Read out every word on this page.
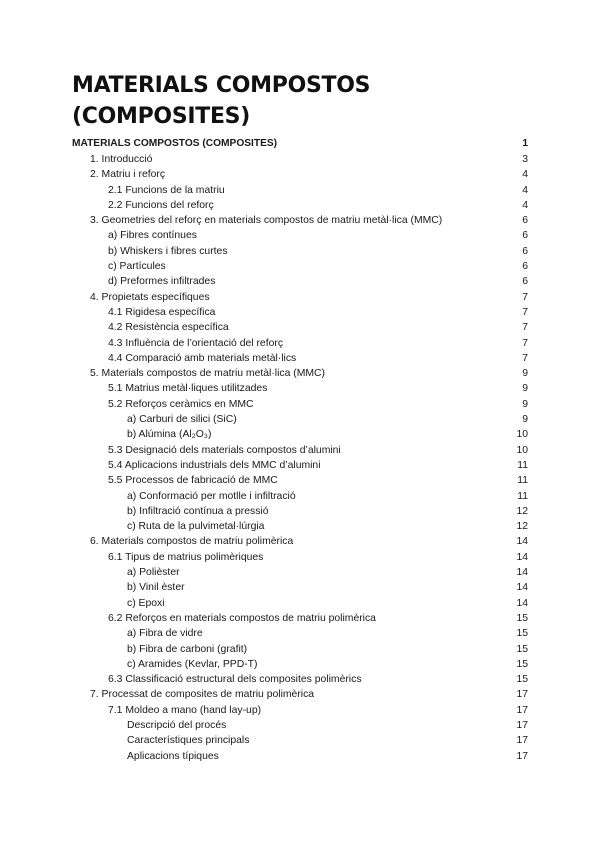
MATERIALS COMPOSTOS
(COMPOSITES)
MATERIALS COMPOSTOS (COMPOSITES)	1
1. Introducció	3
2. Matriu i reforç	4
2.1 Funcions de la matriu	4
2.2 Funcions del reforç	4
3. Geometries del reforç en materials compostos de matriu metàl·lica (MMC)	6
a) Fibres contínues	6
b) Whiskers i fibres curtes	6
c) Partícules	6
d) Preformes infiltrades	6
4. Propietats específiques	7
4.1 Rigidesa específica	7
4.2 Resistència específica	7
4.3 Influència de l’orientació del reforç	7
4.4 Comparació amb materials metàl·lics	7
5. Materials compostos de matriu metàl·lica (MMC)	9
5.1 Matrius metàl·liques utilitzades	9
5.2 Reforços ceràmics en MMC	9
a) Carburi de silici (SiC)	9
b) Alúmina (Al₂O₃)	10
5.3 Designació dels materials compostos d’alumini	10
5.4 Aplicacions industrials dels MMC d’alumini	11
5.5 Processos de fabricació de MMC	11
a) Conformació per motlle i infiltració	11
b) Infiltració contínua a pressió	12
c) Ruta de la pulvimetal·lúrgia	12
6. Materials compostos de matriu polimèrica	14
6.1 Tipus de matrius polimèriques	14
a) Polièster	14
b) Vinil èster	14
c) Epoxi	14
6.2 Reforços en materials compostos de matriu polimèrica	15
a) Fibra de vidre	15
b) Fibra de carboni (grafit)	15
c) Aramides (Kevlar, PPD-T)	15
6.3 Classificació estructural dels composites polimèrics	15
7. Processat de composites de matriu polimèrica	17
7.1 Moldeo a mano (hand lay-up)	17
Descripció del procés	17
Característiques principals	17
Aplicacions típiques	17
